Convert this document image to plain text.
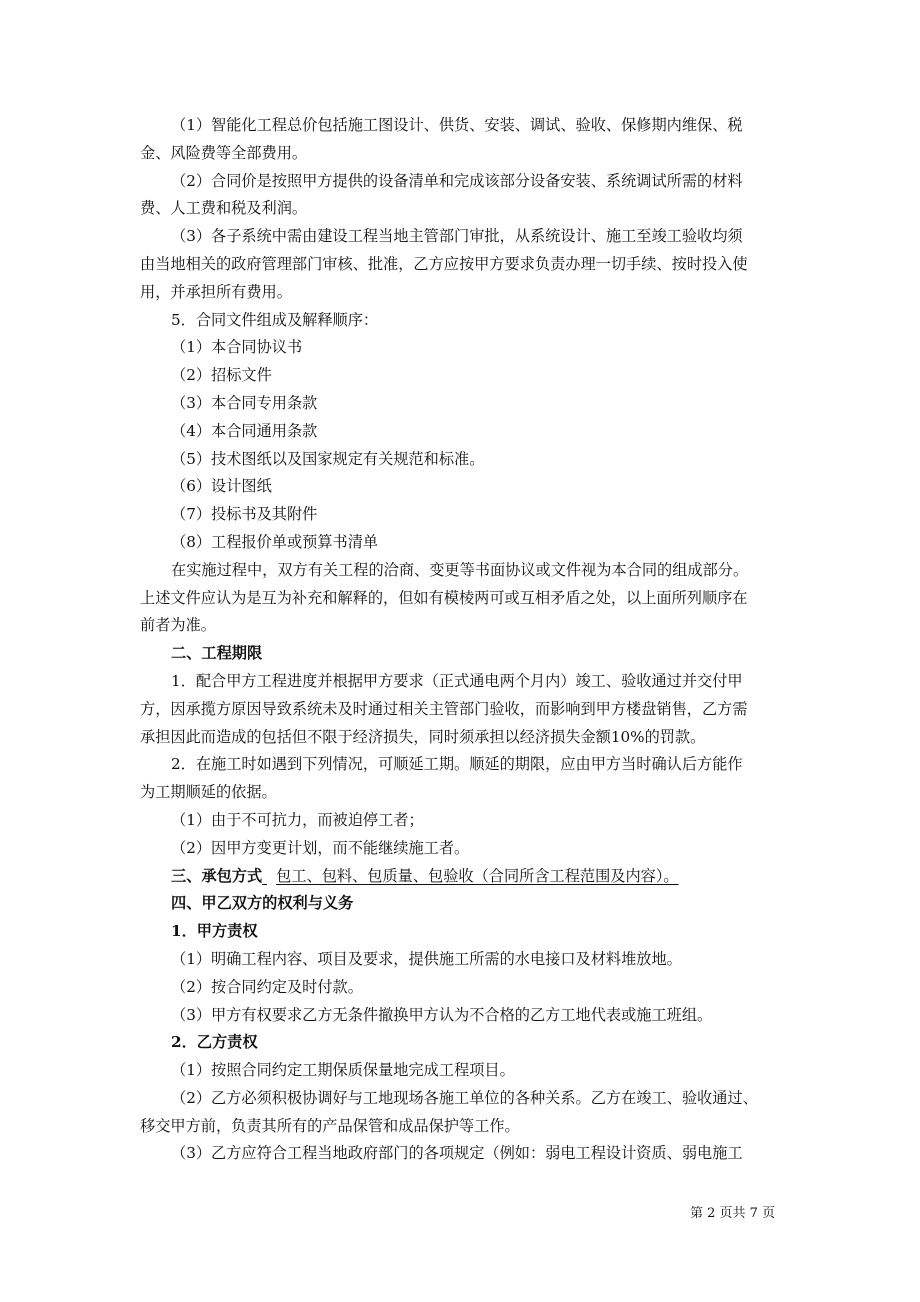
（1）智能化工程总价包括施工图设计、供货、安装、调试、验收、保修期内维保、税
金、风险费等全部费用。
（2）合同价是按照甲方提供的设备清单和完成该部分设备安装、系统调试所需的材料
费、人工费和税及利润。
（3）各子系统中需由建设工程当地主管部门审批，从系统设计、施工至竣工验收均须
由当地相关的政府管理部门审核、批准，乙方应按甲方要求负责办理一切手续、按时投入使
用，并承担所有费用。
5．合同文件组成及解释顺序：
（1）本合同协议书
（2）招标文件
（3）本合同专用条款
（4）本合同通用条款
（5）技术图纸以及国家规定有关规范和标准。
（6）设计图纸
（7）投标书及其附件
（8）工程报价单或预算书清单
在实施过程中，双方有关工程的洽商、变更等书面协议或文件视为本合同的组成部分。
上述文件应认为是互为补充和解释的，但如有模棱两可或互相矛盾之处，以上面所列顺序在
前者为准。
二、工程期限
1．配合甲方工程进度并根据甲方要求（正式通电两个月内）竣工、验收通过并交付甲
方，因承揽方原因导致系统未及时通过相关主管部门验收，而影响到甲方楼盘销售，乙方需
承担因此而造成的包括但不限于经济损失，同时须承担以经济损失金额10%的罚款。
2．在施工时如遇到下列情况，可顺延工期。顺延的期限，应由甲方当时确认后方能作
为工期顺延的依据。
（1）由于不可抗力，而被迫停工者；
（2）因甲方变更计划，而不能继续施工者。
三、承包方式 包工、包料、包质量、包验收（合同所含工程范围及内容）。
四、甲乙双方的权利与义务
1．甲方责权
（1）明确工程内容、项目及要求，提供施工所需的水电接口及材料堆放地。
（2）按合同约定及时付款。
（3）甲方有权要求乙方无条件撤换甲方认为不合格的乙方工地代表或施工班组。
2．乙方责权
（1）按照合同约定工期保质保量地完成工程项目。
（2）乙方必须积极协调好与工地现场各施工单位的各种关系。乙方在竣工、验收通过、
移交甲方前，负责其所有的产品保管和成品保护等工作。
（3）乙方应符合工程当地政府部门的各项规定（例如：弱电工程设计资质、弱电施工
第 2 页共 7 页
